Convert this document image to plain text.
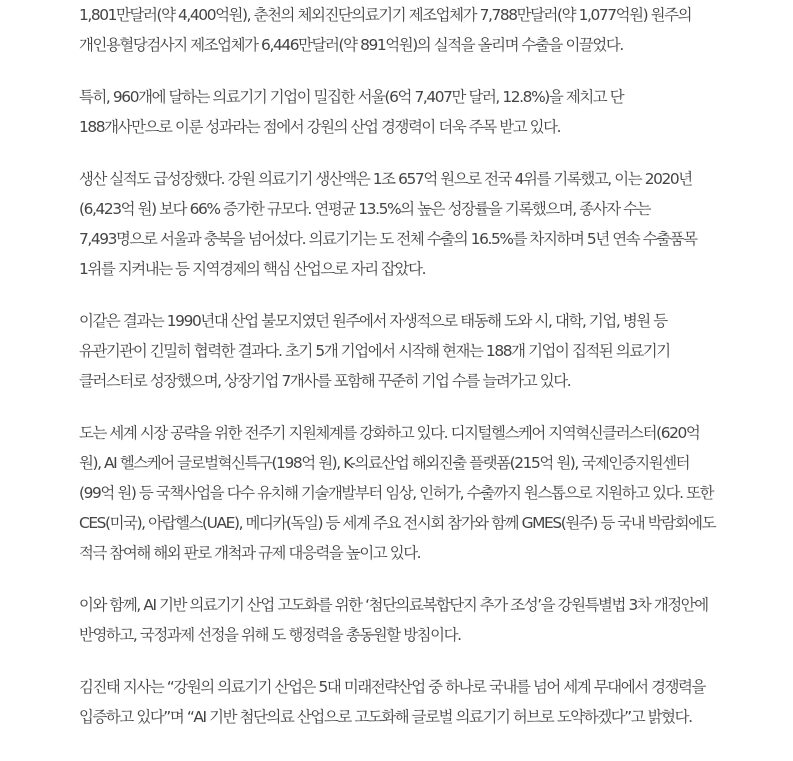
1,801만달러(약 4,400억원), 춘천의 체외진단의료기기 제조업체가 7,788만달러(약 1,077억원) 원주의 개인용혈당검사지 제조업체가 6,446만달러(약 891억원)의 실적을 올리며 수출을 이끌었다.

특히, 960개에 달하는 의료기기 기업이 밀집한 서울(6억 7,407만 달러, 12.8%)을 제치고 단 188개사만으로 이룬 성과라는 점에서 강원의 산업 경쟁력이 더욱 주목 받고 있다.

생산 실적도 급성장했다. 강원 의료기기 생산액은 1조 657억 원으로 전국 4위를 기록했고, 이는 2020년(6,423억 원) 보다 66% 증가한 규모다. 연평균 13.5%의 높은 성장률을 기록했으며, 종사자 수는 7,493명으로 서울과 충북을 넘어섰다. 의료기기는 도 전체 수출의 16.5%를 차지하며 5년 연속 수출품목 1위를 지켜내는 등 지역경제의 핵심 산업으로 자리 잡았다.

이같은 결과는 1990년대 산업 불모지였던 원주에서 자생적으로 태동해 도와 시, 대학, 기업, 병원 등 유관기관이 긴밀히 협력한 결과다. 초기 5개 기업에서 시작해 현재는 188개 기업이 집적된 의료기기 클러스터로 성장했으며, 상장기업 7개사를 포함해 꾸준히 기업 수를 늘려가고 있다.

도는 세계 시장 공략을 위한 전주기 지원체계를 강화하고 있다. 디지털헬스케어 지역혁신클러스터(620억 원), AI 헬스케어 글로벌혁신특구(198억 원), K-의료산업 해외진출 플랫폼(215억 원), 국제인증지원센터(99억 원) 등 국책사업을 다수 유치해 기술개발부터 임상, 인허가, 수출까지 원스톱으로 지원하고 있다. 또한 CES(미국), 아랍헬스(UAE), 메디카(독일) 등 세계 주요 전시회 참가와 함께 GMES(원주) 등 국내 박람회에도 적극 참여해 해외 판로 개척과 규제 대응력을 높이고 있다.

이와 함께, AI 기반 의료기기 산업 고도화를 위한 ‘첨단의료복합단지 추가 조성’을 강원특별법 3차 개정안에 반영하고, 국정과제 선정을 위해 도 행정력을 총동원할 방침이다.

김진태 지사는 “강원의 의료기기 산업은 5대 미래전략산업 중 하나로 국내를 넘어 세계 무대에서 경쟁력을 입증하고 있다”며 “AI 기반 첨단의료 산업으로 고도화해 글로벌 의료기기 허브로 도약하겠다”고 밝혔다.
